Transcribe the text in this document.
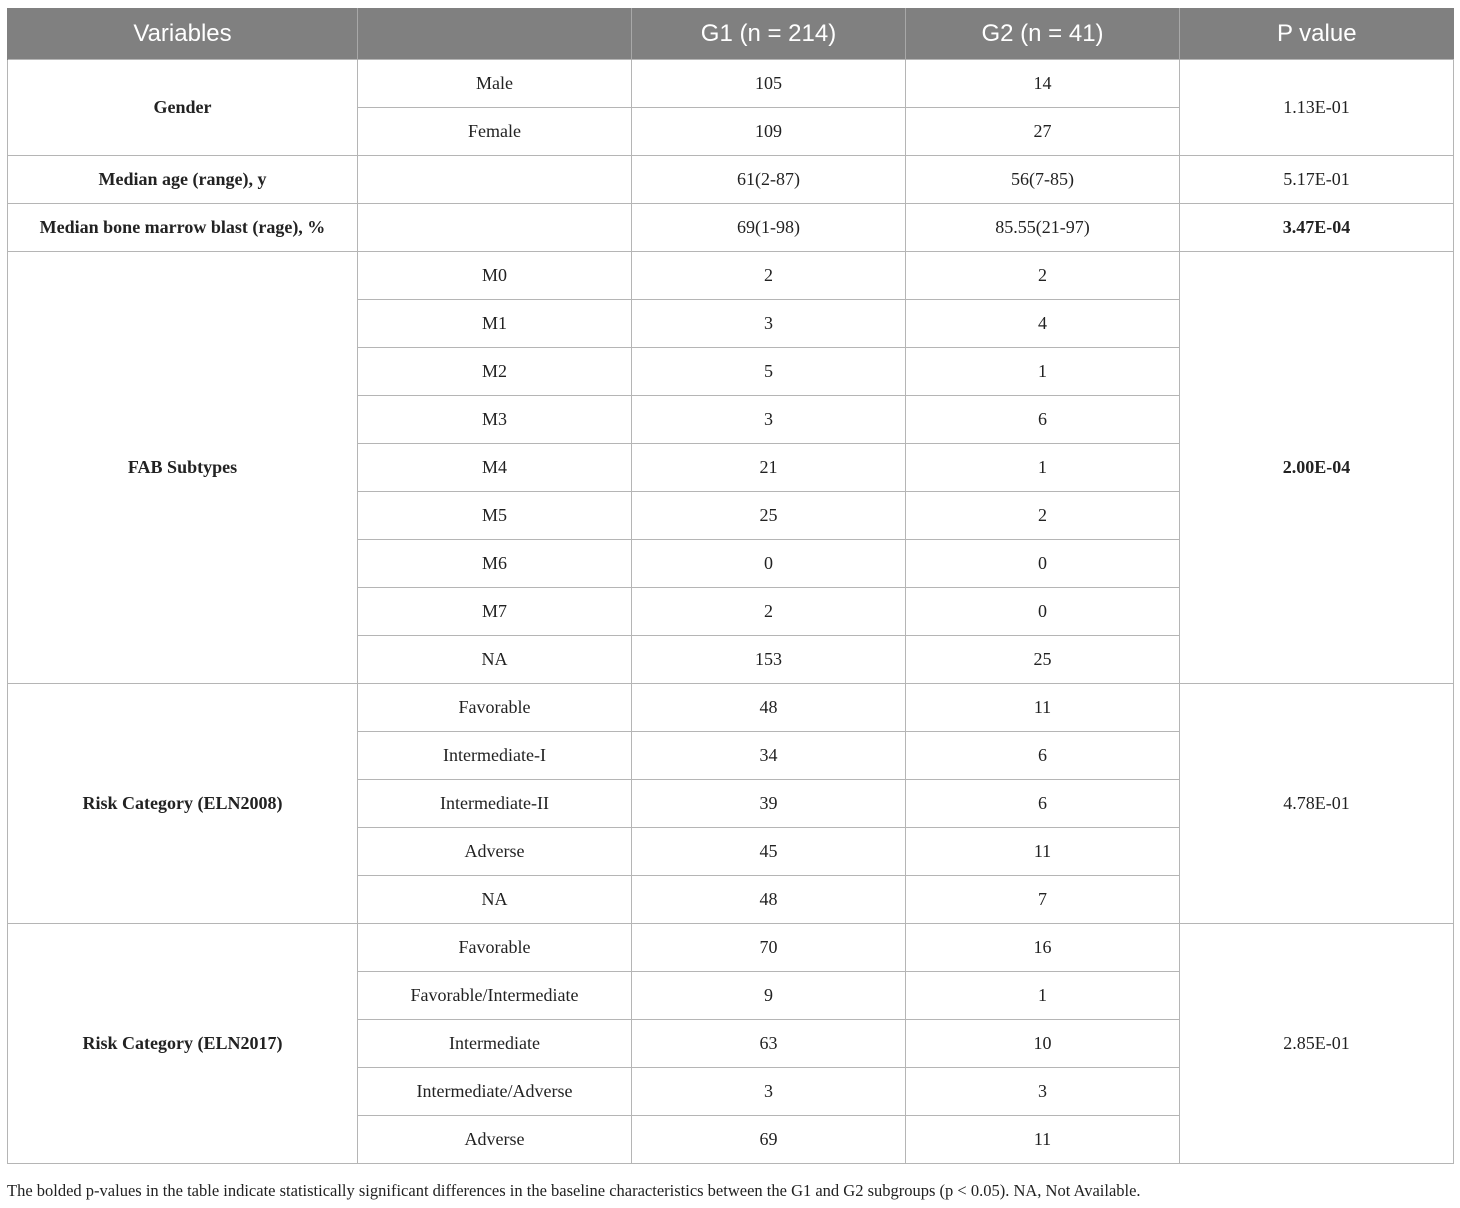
Variables		G1 (n = 214)	G2 (n = 41)	P value
Gender	Male	105	14	1.13E-01
	Female	109	27	
Median age (range), y		61(2-87)	56(7-85)	5.17E-01
Median bone marrow blast (rage), %		69(1-98)	85.55(21-97)	3.47E-04
FAB Subtypes	M0	2	2	2.00E-04
	M1	3	4	
	M2	5	1	
	M3	3	6	
	M4	21	1	
	M5	25	2	
	M6	0	0	
	M7	2	0	
	NA	153	25	
Risk Category (ELN2008)	Favorable	48	11	4.78E-01
	Intermediate-I	34	6	
	Intermediate-II	39	6	
	Adverse	45	11	
	NA	48	7	
Risk Category (ELN2017)	Favorable	70	16	2.85E-01
	Favorable/Intermediate	9	1	
	Intermediate	63	10	
	Intermediate/Adverse	3	3	
	Adverse	69	11	
The bolded p-values in the table indicate statistically significant differences in the baseline characteristics between the G1 and G2 subgroups (p < 0.05). NA, Not Available.
